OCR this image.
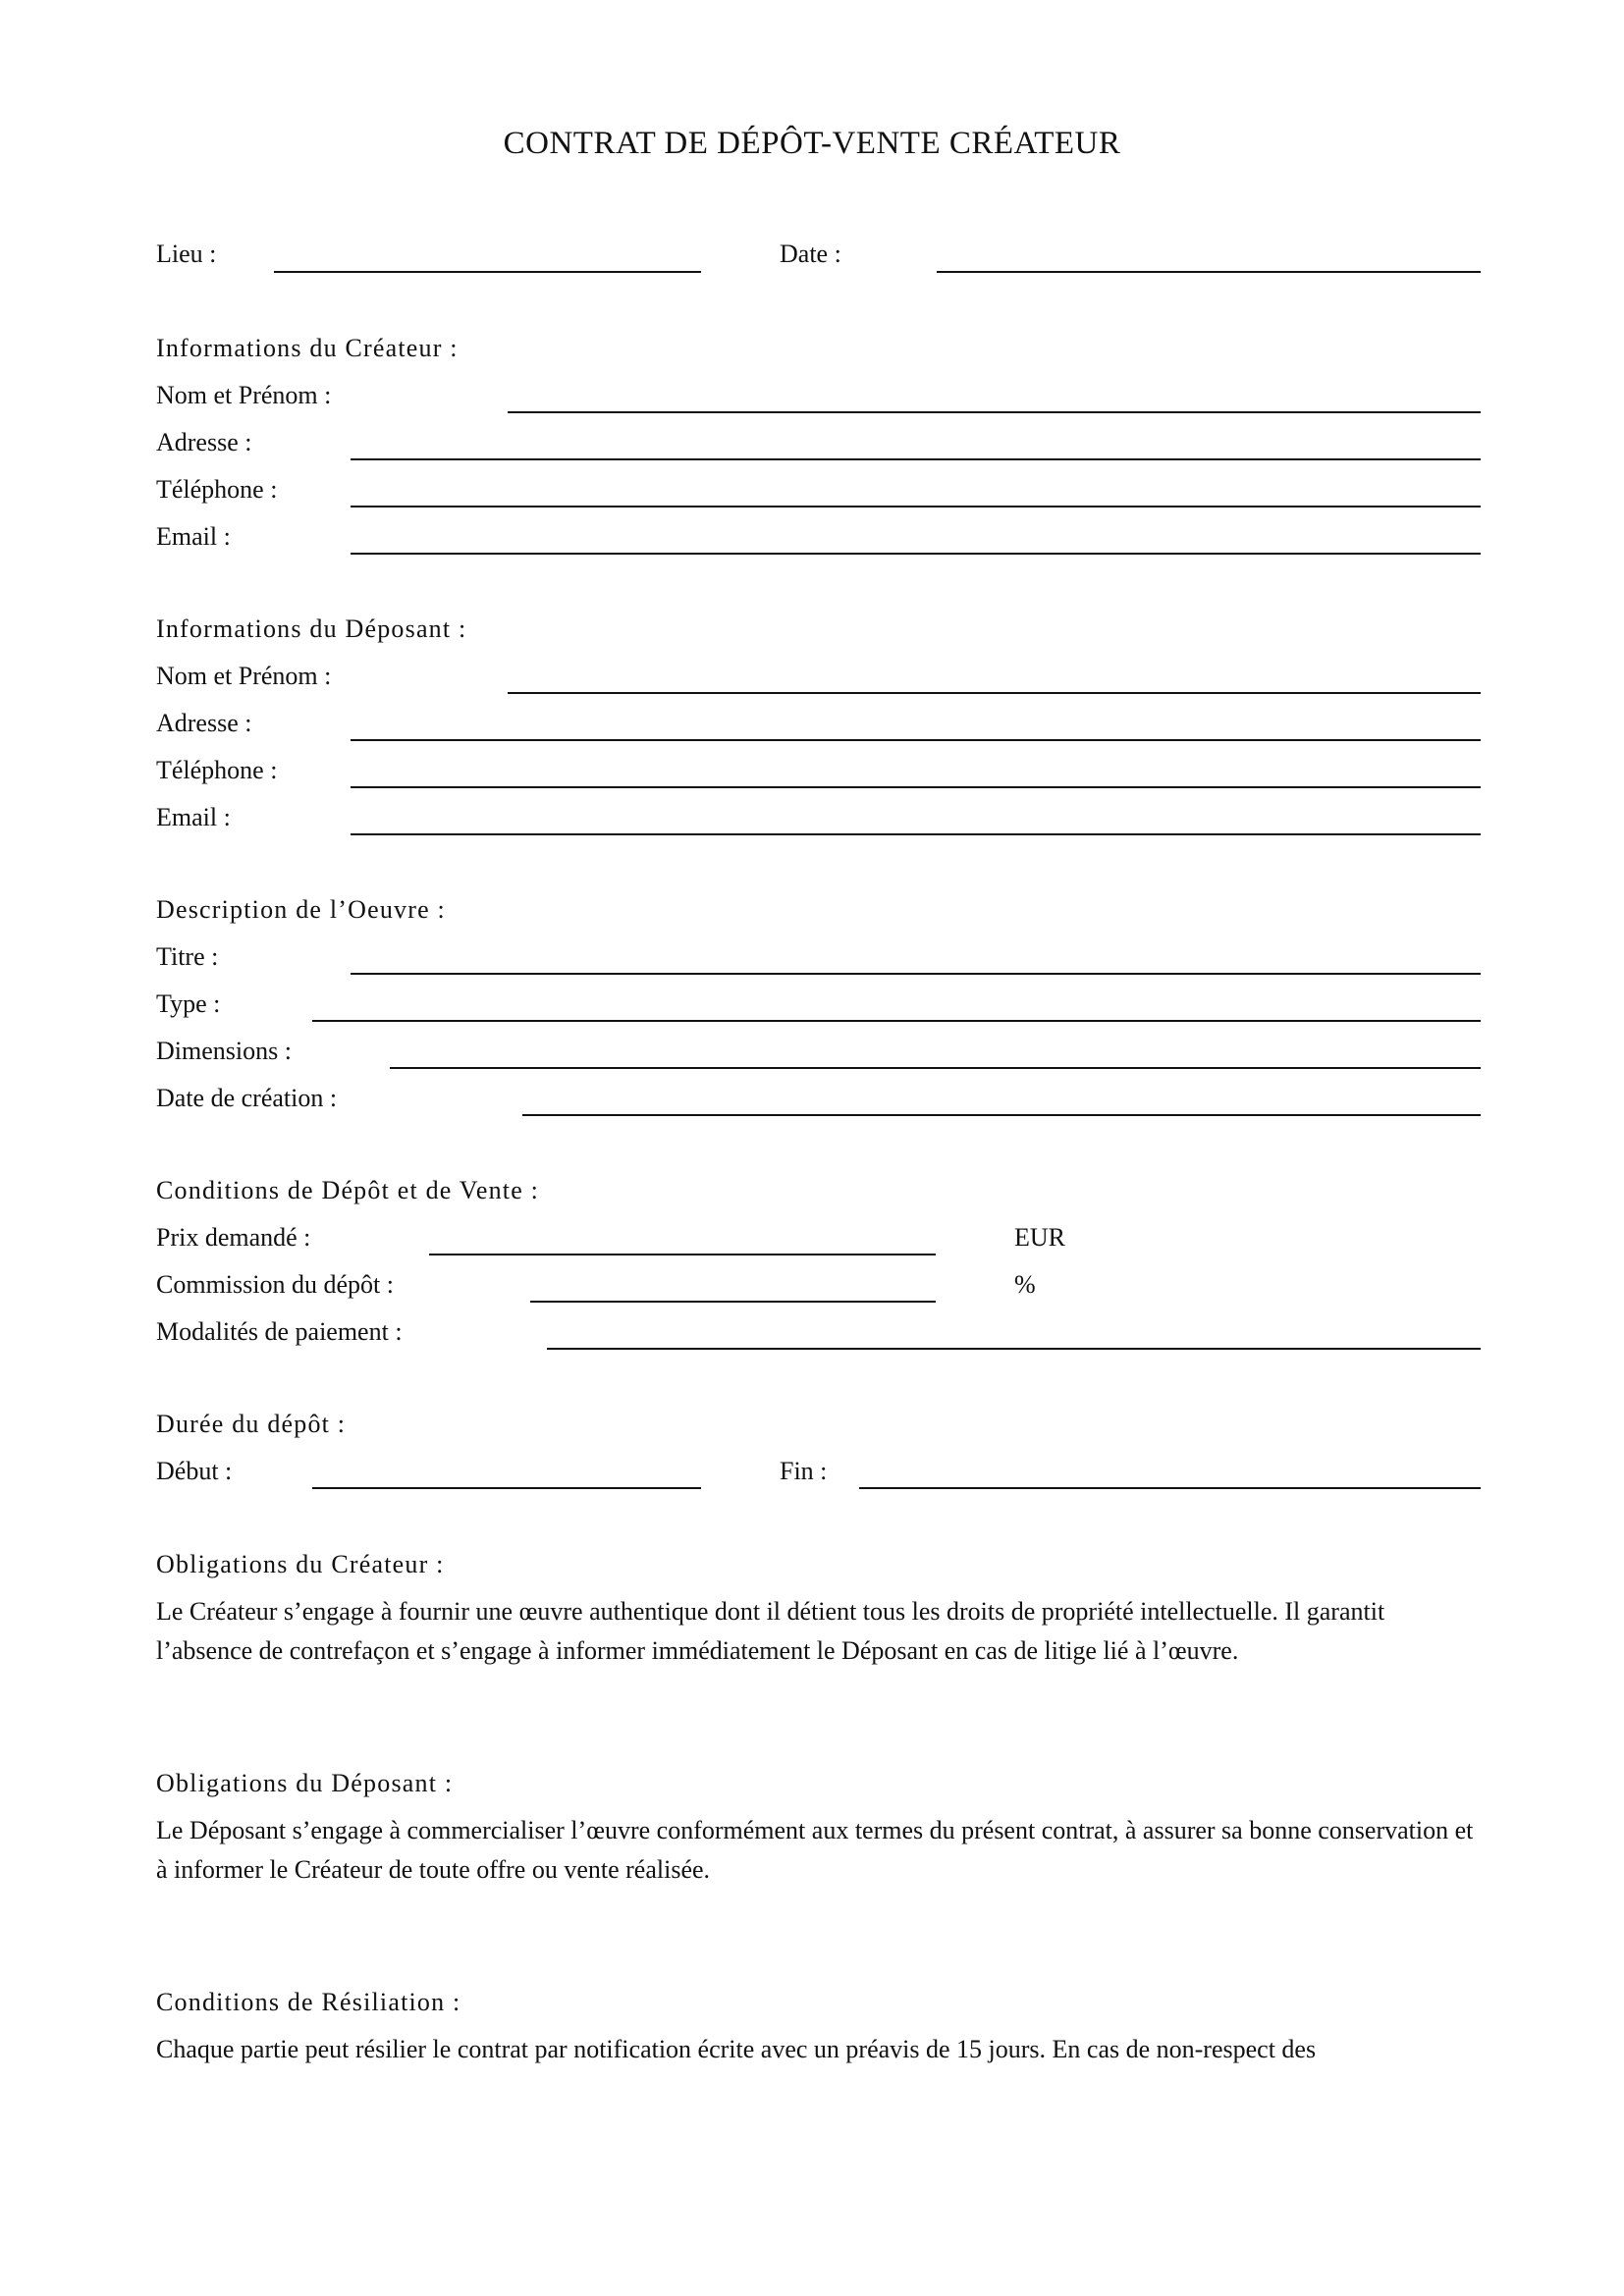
CONTRAT DE DÉPÔT-VENTE CRÉATEUR
Lieu :	Date :
Informations du Créateur :
Nom et Prénom :
Adresse :
Téléphone :
Email :
Informations du Déposant :
Nom et Prénom :
Adresse :
Téléphone :
Email :
Description de l’Oeuvre :
Titre :
Type :
Dimensions :
Date de création :
Conditions de Dépôt et de Vente :
Prix demandé :	EUR
Commission du dépôt :	%
Modalités de paiement :
Durée du dépôt :
Début :	Fin :
Obligations du Créateur :
Le Créateur s’engage à fournir une œuvre authentique dont il détient tous les droits de propriété intellectuelle. Il garantit l’absence de contrefaçon et s’engage à informer immédiatement le Déposant en cas de litige lié à l’œuvre.
Obligations du Déposant :
Le Déposant s’engage à commercialiser l’œuvre conformément aux termes du présent contrat, à assurer sa bonne conservation et à informer le Créateur de toute offre ou vente réalisée.
Conditions de Résiliation :
Chaque partie peut résilier le contrat par notification écrite avec un préavis de 15 jours. En cas de non-respect des
